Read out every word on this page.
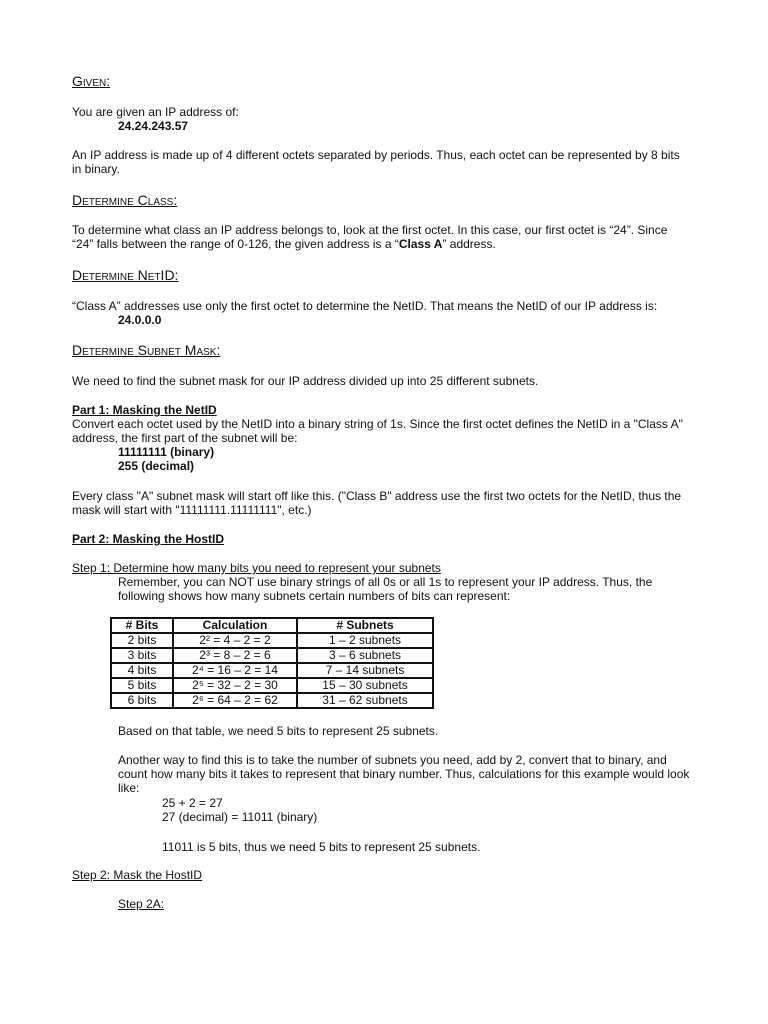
Given:

You are given an IP address of:

24.24.243.57

An IP address is made up of 4 different octets separated by periods. Thus, each octet can be represented by 8 bits in binary.
Determine Class:
To determine what class an IP address belongs to, look at the first octet. In this case, our first octet is “24”. Since “24” falls between the range of 0-126, the given address is a “Class A” address.
Determine NetID:

“Class A” addresses use only the first octet to determine the NetID. That means the NetID of our IP address is:

24.0.0.0

Determine Subnet Mask:
We need to find the subnet mask for our IP address divided up into 25 different subnets.

Part 1: Masking the NetID

Convert each octet used by the NetID into a binary string of 1s. Since the first octet defines the NetID in a "Class A" address, the first part of the subnet will be:

11111111 (binary)

255 (decimal)

Every class "A" subnet mask will start off like this. ("Class B" address use the first two octets for the NetID, thus the mask will start with "11111111.11111111", etc.)
Part 2: Masking the HostID

Step 1: Determine how many bits you need to represent your subnets

Remember, you can NOT use binary strings of all 0s or all 1s to represent your IP address. Thus, the following shows how many subnets certain numbers of bits can represent:

# Bits	Calculation	# Subnets
2 bits	2² = 4 – 2 = 2	1 – 2 subnets
3 bits	2³ = 8 – 2 = 6	3 – 6 subnets
4 bits	2⁴ = 16 – 2 = 14	7 – 14 subnets
5 bits	2⁵ = 32 – 2 = 30	15 – 30 subnets
6 bits	2⁶ = 64 – 2 = 62	31 – 62 subnets
Based on that table, we need 5 bits to represent 25 subnets.
Another way to find this is to take the number of subnets you need, add by 2, convert that to binary, and count how many bits it takes to represent that binary number. Thus, calculations for this example would look like:

25 + 2 = 27

27 (decimal) = 11011 (binary)

11011 is 5 bits, thus we need 5 bits to represent 25 subnets.
Step 2: Mask the HostID
Step 2A:
